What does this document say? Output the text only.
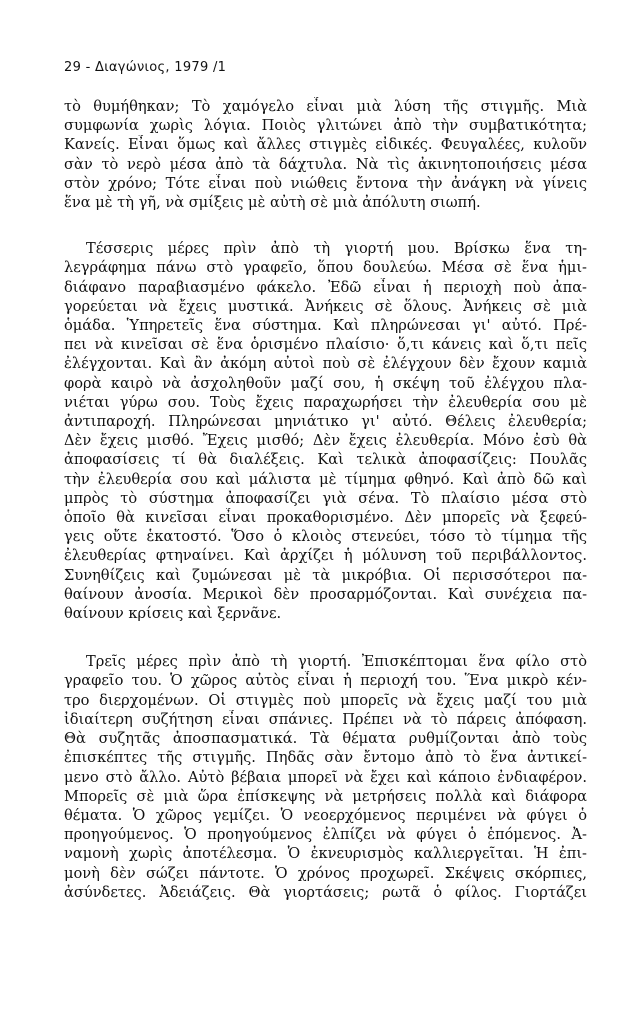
29 - Διαγώνιος, 1979 /1
τὸ θυμήθηκαν; Τὸ χαμόγελο εἶναι μιὰ λύση τῆς στιγμῆς. Μιὰ
συμφωνία χωρὶς λόγια. Ποιὸς γλιτώνει ἀπὸ τὴν συμβατικότητα;
Κανείς. Εἶναι ὅμως καὶ ἄλλες στιγμὲς εἰδικές. Φευγαλέες, κυλοῦν
σὰν τὸ νερὸ μέσα ἀπὸ τὰ δάχτυλα. Νὰ τὶς ἀκινητοποιήσεις μέσα
στὸν χρόνο; Τότε εἶναι ποὺ νιώθεις ἔντονα τὴν ἀνάγκη νὰ γίνεις
ἕνα μὲ τὴ γῆ, νὰ σμίξεις μὲ αὐτὴ σὲ μιὰ ἀπόλυτη σιωπή.
Τέσσερις μέρες πρὶν ἀπὸ τὴ γιορτή μου. Βρίσκω ἕνα τη-
λεγράφημα πάνω στὸ γραφεῖο, ὅπου δουλεύω. Μέσα σὲ ἕνα ἡμι-
διάφανο παραβιασμένο φάκελο. Ἐδῶ εἶναι ἡ περιοχὴ ποὺ ἀπα-
γορεύεται νὰ ἔχεις μυστικά. Ἀνήκεις σὲ ὅλους. Ἀνήκεις σὲ μιὰ
ὁμάδα. Ὑπηρετεῖς ἕνα σύστημα. Καὶ πληρώνεσαι γι' αὐτό. Πρέ-
πει νὰ κινεῖσαι σὲ ἕνα ὁρισμένο πλαίσιο· ὅ,τι κάνεις καὶ ὅ,τι πεῖς
ἐλέγχονται. Καὶ ἂν ἀκόμη αὐτοὶ ποὺ σὲ ἐλέγχουν δὲν ἔχουν καμιὰ
φορὰ καιρὸ νὰ ἀσχοληθοῦν μαζί σου, ἡ σκέψη τοῦ ἐλέγχου πλα-
νιέται γύρω σου. Τοὺς ἔχεις παραχωρήσει τὴν ἐλευθερία σου μὲ
ἀντιπαροχή. Πληρώνεσαι μηνιάτικο γι' αὐτό. Θέλεις ἐλευθερία;
Δὲν ἔχεις μισθό. Ἔχεις μισθό; Δὲν ἔχεις ἐλευθερία. Μόνο ἐσὺ θὰ
ἀποφασίσεις τί θὰ διαλέξεις. Καὶ τελικὰ ἀποφασίζεις: Πουλᾶς
τὴν ἐλευθερία σου καὶ μάλιστα μὲ τίμημα φθηνό. Καὶ ἀπὸ δῶ καὶ
μπρὸς τὸ σύστημα ἀποφασίζει γιὰ σένα. Τὸ πλαίσιο μέσα στὸ
ὁποῖο θὰ κινεῖσαι εἶναι προκαθορισμένο. Δὲν μπορεῖς νὰ ξεφεύ-
γεις οὔτε ἑκατοστό. Ὅσο ὁ κλοιὸς στενεύει, τόσο τὸ τίμημα τῆς
ἐλευθερίας φτηναίνει. Καὶ ἀρχίζει ἡ μόλυνση τοῦ περιβάλλοντος.
Συνηθίζεις καὶ ζυμώνεσαι μὲ τὰ μικρόβια. Οἱ περισσότεροι πα-
θαίνουν ἀνοσία. Μερικοὶ δὲν προσαρμόζονται. Καὶ συνέχεια πα-
θαίνουν κρίσεις καὶ ξερνᾶνε.
Τρεῖς μέρες πρὶν ἀπὸ τὴ γιορτή. Ἐπισκέπτομαι ἕνα φίλο στὸ
γραφεῖο του. Ὁ χῶρος αὐτὸς εἶναι ἡ περιοχή του. Ἕνα μικρὸ κέν-
τρο διερχομένων. Οἱ στιγμὲς ποὺ μπορεῖς νὰ ἔχεις μαζί του μιὰ
ἰδιαίτερη συζήτηση εἶναι σπάνιες. Πρέπει νὰ τὸ πάρεις ἀπόφαση.
Θὰ συζητᾶς ἀποσπασματικά. Τὰ θέματα ρυθμίζονται ἀπὸ τοὺς
ἐπισκέπτες τῆς στιγμῆς. Πηδᾶς σὰν ἔντομο ἀπὸ τὸ ἕνα ἀντικεί-
μενο στὸ ἄλλο. Αὐτὸ βέβαια μπορεῖ νὰ ἔχει καὶ κάποιο ἐνδιαφέρον.
Μπορεῖς σὲ μιὰ ὥρα ἐπίσκεψης νὰ μετρήσεις πολλὰ καὶ διάφορα
θέματα. Ὁ χῶρος γεμίζει. Ὁ νεοερχόμενος περιμένει νὰ φύγει ὁ
προηγούμενος. Ὁ προηγούμενος ἐλπίζει νὰ φύγει ὁ ἑπόμενος. Ἀ-
ναμονὴ χωρὶς ἀποτέλεσμα. Ὁ ἐκνευρισμὸς καλλιεργεῖται. Ἡ ἐπι-
μονὴ δὲν σώζει πάντοτε. Ὁ χρόνος προχωρεῖ. Σκέψεις σκόρπιες,
ἀσύνδετες. Ἀδειάζεις. Θὰ γιορτάσεις; ρωτᾶ ὁ φίλος. Γιορτάζει
